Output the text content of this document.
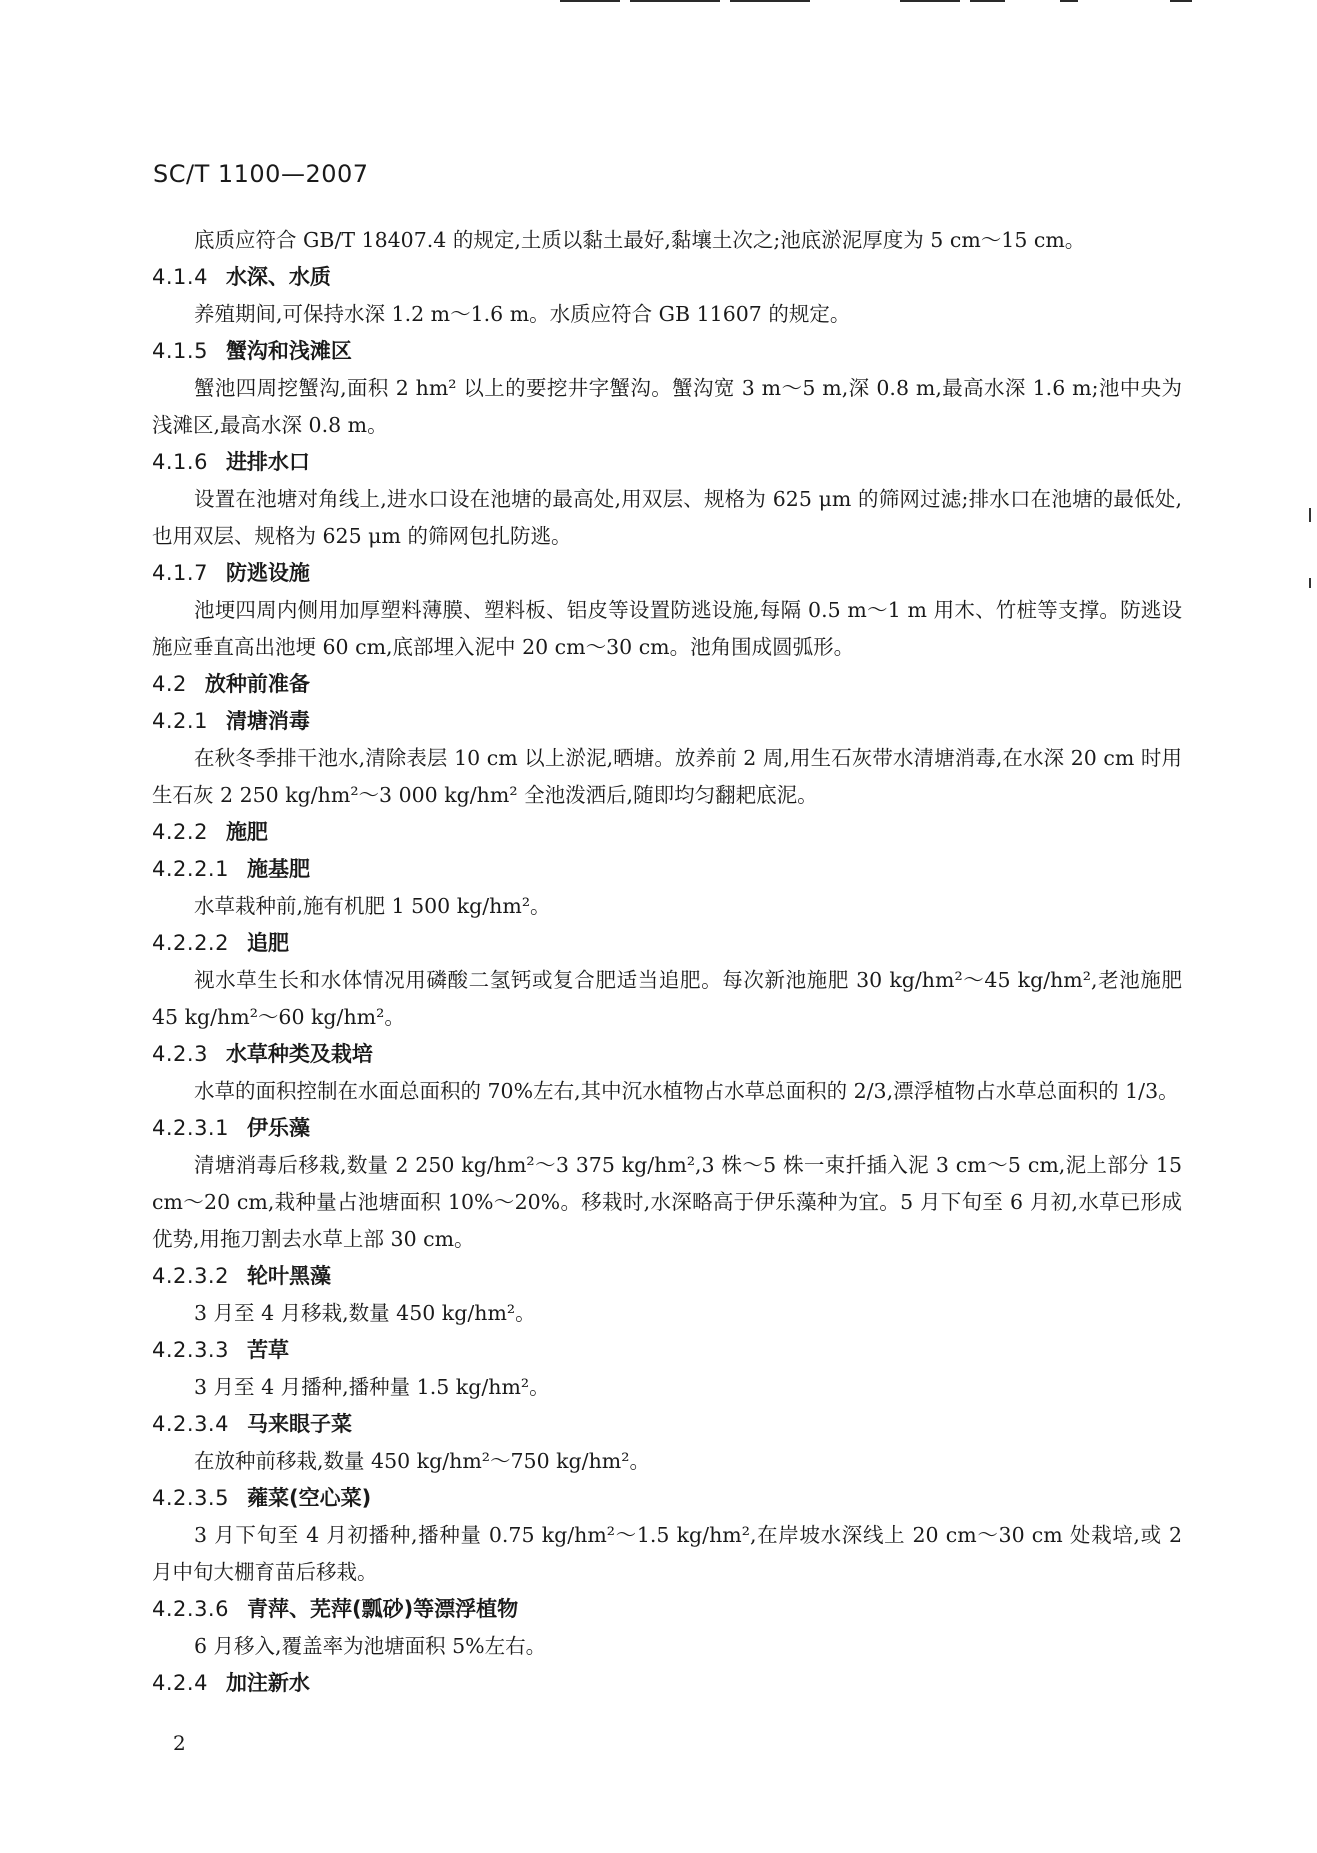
SC/T 1100—2007

底质应符合 GB/T 18407.4 的规定,土质以黏土最好,黏壤土次之;池底淤泥厚度为 5 cm～15 cm。

4.1.4 水深、水质

养殖期间,可保持水深 1.2 m～1.6 m。水质应符合 GB 11607 的规定。

4.1.5 蟹沟和浅滩区

蟹池四周挖蟹沟,面积 2 hm² 以上的要挖井字蟹沟。蟹沟宽 3 m～5 m,深 0.8 m,最高水深 1.6 m;池中央为浅滩区,最高水深 0.8 m。

4.1.6 进排水口

设置在池塘对角线上,进水口设在池塘的最高处,用双层、规格为 625 μm 的筛网过滤;排水口在池塘的最低处,也用双层、规格为 625 μm 的筛网包扎防逃。

4.1.7 防逃设施

池埂四周内侧用加厚塑料薄膜、塑料板、铝皮等设置防逃设施,每隔 0.5 m～1 m 用木、竹桩等支撑。防逃设施应垂直高出池埂 60 cm,底部埋入泥中 20 cm～30 cm。池角围成圆弧形。

4.2 放种前准备
4.2.1 清塘消毒

在秋冬季排干池水,清除表层 10 cm 以上淤泥,晒塘。放养前 2 周,用生石灰带水清塘消毒,在水深 20 cm 时用生石灰 2 250 kg/hm²～3 000 kg/hm² 全池泼洒后,随即均匀翻耙底泥。

4.2.2 施肥
4.2.2.1 施基肥

水草栽种前,施有机肥 1 500 kg/hm²。

4.2.2.2 追肥

视水草生长和水体情况用磷酸二氢钙或复合肥适当追肥。每次新池施肥 30 kg/hm²～45 kg/hm²,老池施肥 45 kg/hm²～60 kg/hm²。

4.2.3 水草种类及栽培

水草的面积控制在水面总面积的 70%左右,其中沉水植物占水草总面积的 2/3,漂浮植物占水草总面积的 1/3。

4.2.3.1 伊乐藻

清塘消毒后移栽,数量 2 250 kg/hm²～3 375 kg/hm²,3 株～5 株一束扦插入泥 3 cm～5 cm,泥上部分 15 cm～20 cm,栽种量占池塘面积 10%～20%。移栽时,水深略高于伊乐藻种为宜。5 月下旬至 6 月初,水草已形成优势,用拖刀割去水草上部 30 cm。

4.2.3.2 轮叶黑藻

3 月至 4 月移栽,数量 450 kg/hm²。

4.2.3.3 苦草

3 月至 4 月播种,播种量 1.5 kg/hm²。

4.2.3.4 马来眼子菜

在放种前移栽,数量 450 kg/hm²～750 kg/hm²。

4.2.3.5 蕹菜(空心菜)

3 月下旬至 4 月初播种,播种量 0.75 kg/hm²～1.5 kg/hm²,在岸坡水深线上 20 cm～30 cm 处栽培,或 2 月中旬大棚育苗后移栽。

4.2.3.6 青萍、芜萍(瓢砂)等漂浮植物

6 月移入,覆盖率为池塘面积 5%左右。

4.2.4 加注新水
2
